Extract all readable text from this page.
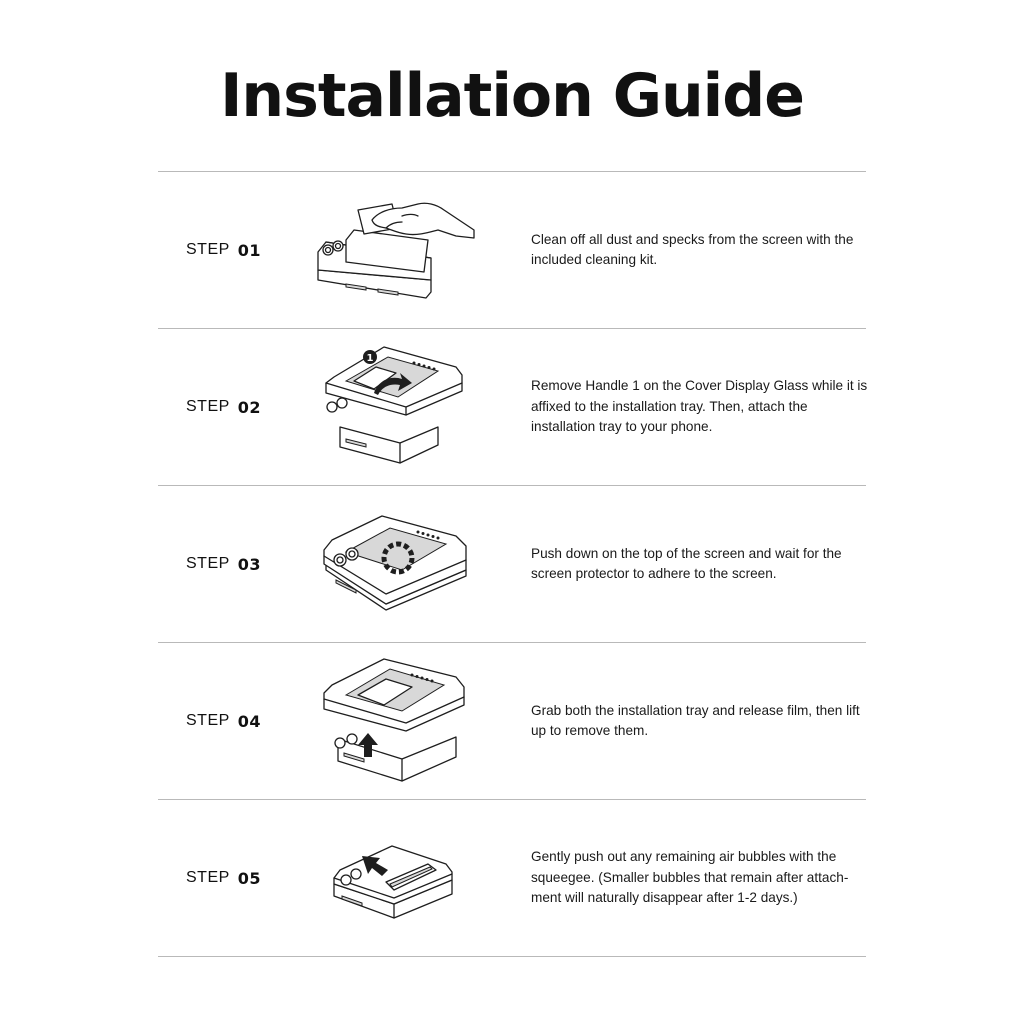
Installation Guide
STEP 01
Clean off all dust and specks from the screen with the included cleaning kit.
STEP 02
1
Remove Handle 1 on the Cover Display Glass while it is affixed to the installation tray. Then, attach the installation tray to your phone.
STEP 03
Push down on the top of the screen and wait for the screen protector to adhere to the screen.
STEP 04
Grab both the installation tray and release film, then lift up to remove them.
STEP 05
Gently push out any remaining air bubbles with the squeegee. (Smaller bubbles that remain after attach- ment will naturally disappear after 1-2 days.)
